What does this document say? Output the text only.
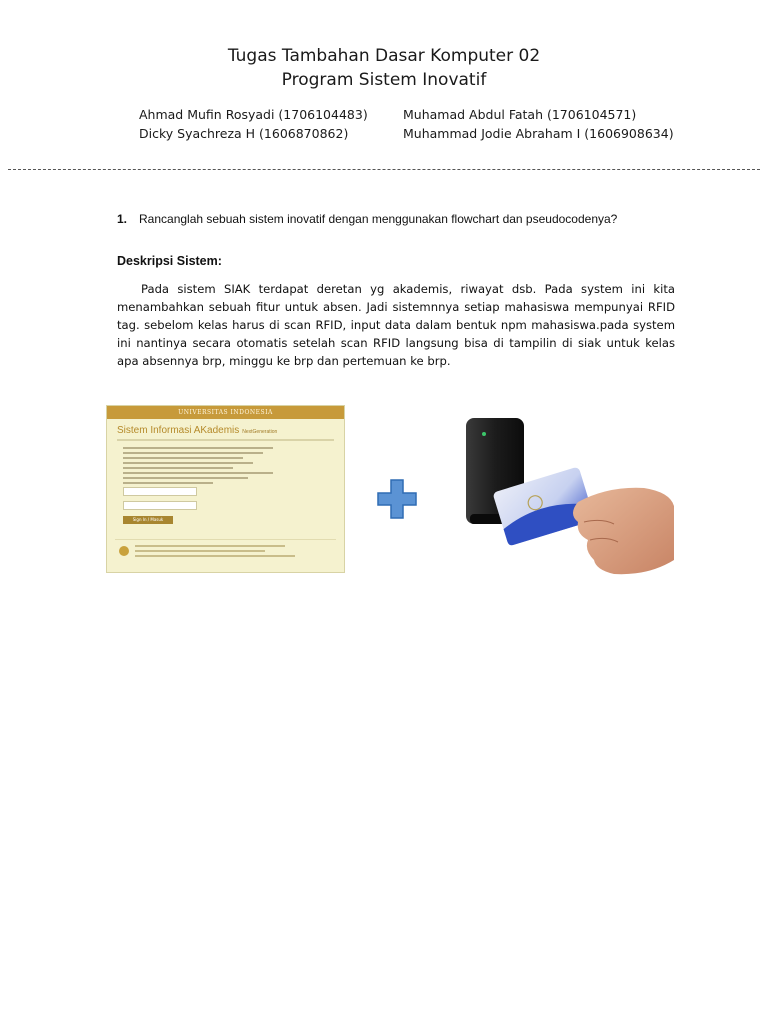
Tugas Tambahan Dasar Komputer 02
Program Sistem Inovatif
Ahmad Mufin Rosyadi (1706104483)	Muhamad Abdul Fatah (1706104571)
Dicky Syachreza H (1606870862)	Muhammad Jodie Abraham I (1606908634)
1. Rancanglah sebuah sistem inovatif dengan menggunakan flowchart dan pseudocodenya?
Deskripsi Sistem:

Pada sistem SIAK terdapat deretan yg akademis, riwayat dsb. Pada system ini kita menambahkan sebuah fitur untuk absen. Jadi sistemnnya setiap mahasiswa mempunyai RFID tag. sebelom kelas harus di scan RFID, input data dalam bentuk npm mahasiswa.pada system ini nantinya secara otomatis setelah scan RFID langsung bisa di tampilin di siak untuk kelas apa absennya brp, minggu ke brp dan pertemuan ke brp.

UNIVERSITAS INDONESIA
Sistem Informasi AKademis NextGeneration
Sign In / Masuk
